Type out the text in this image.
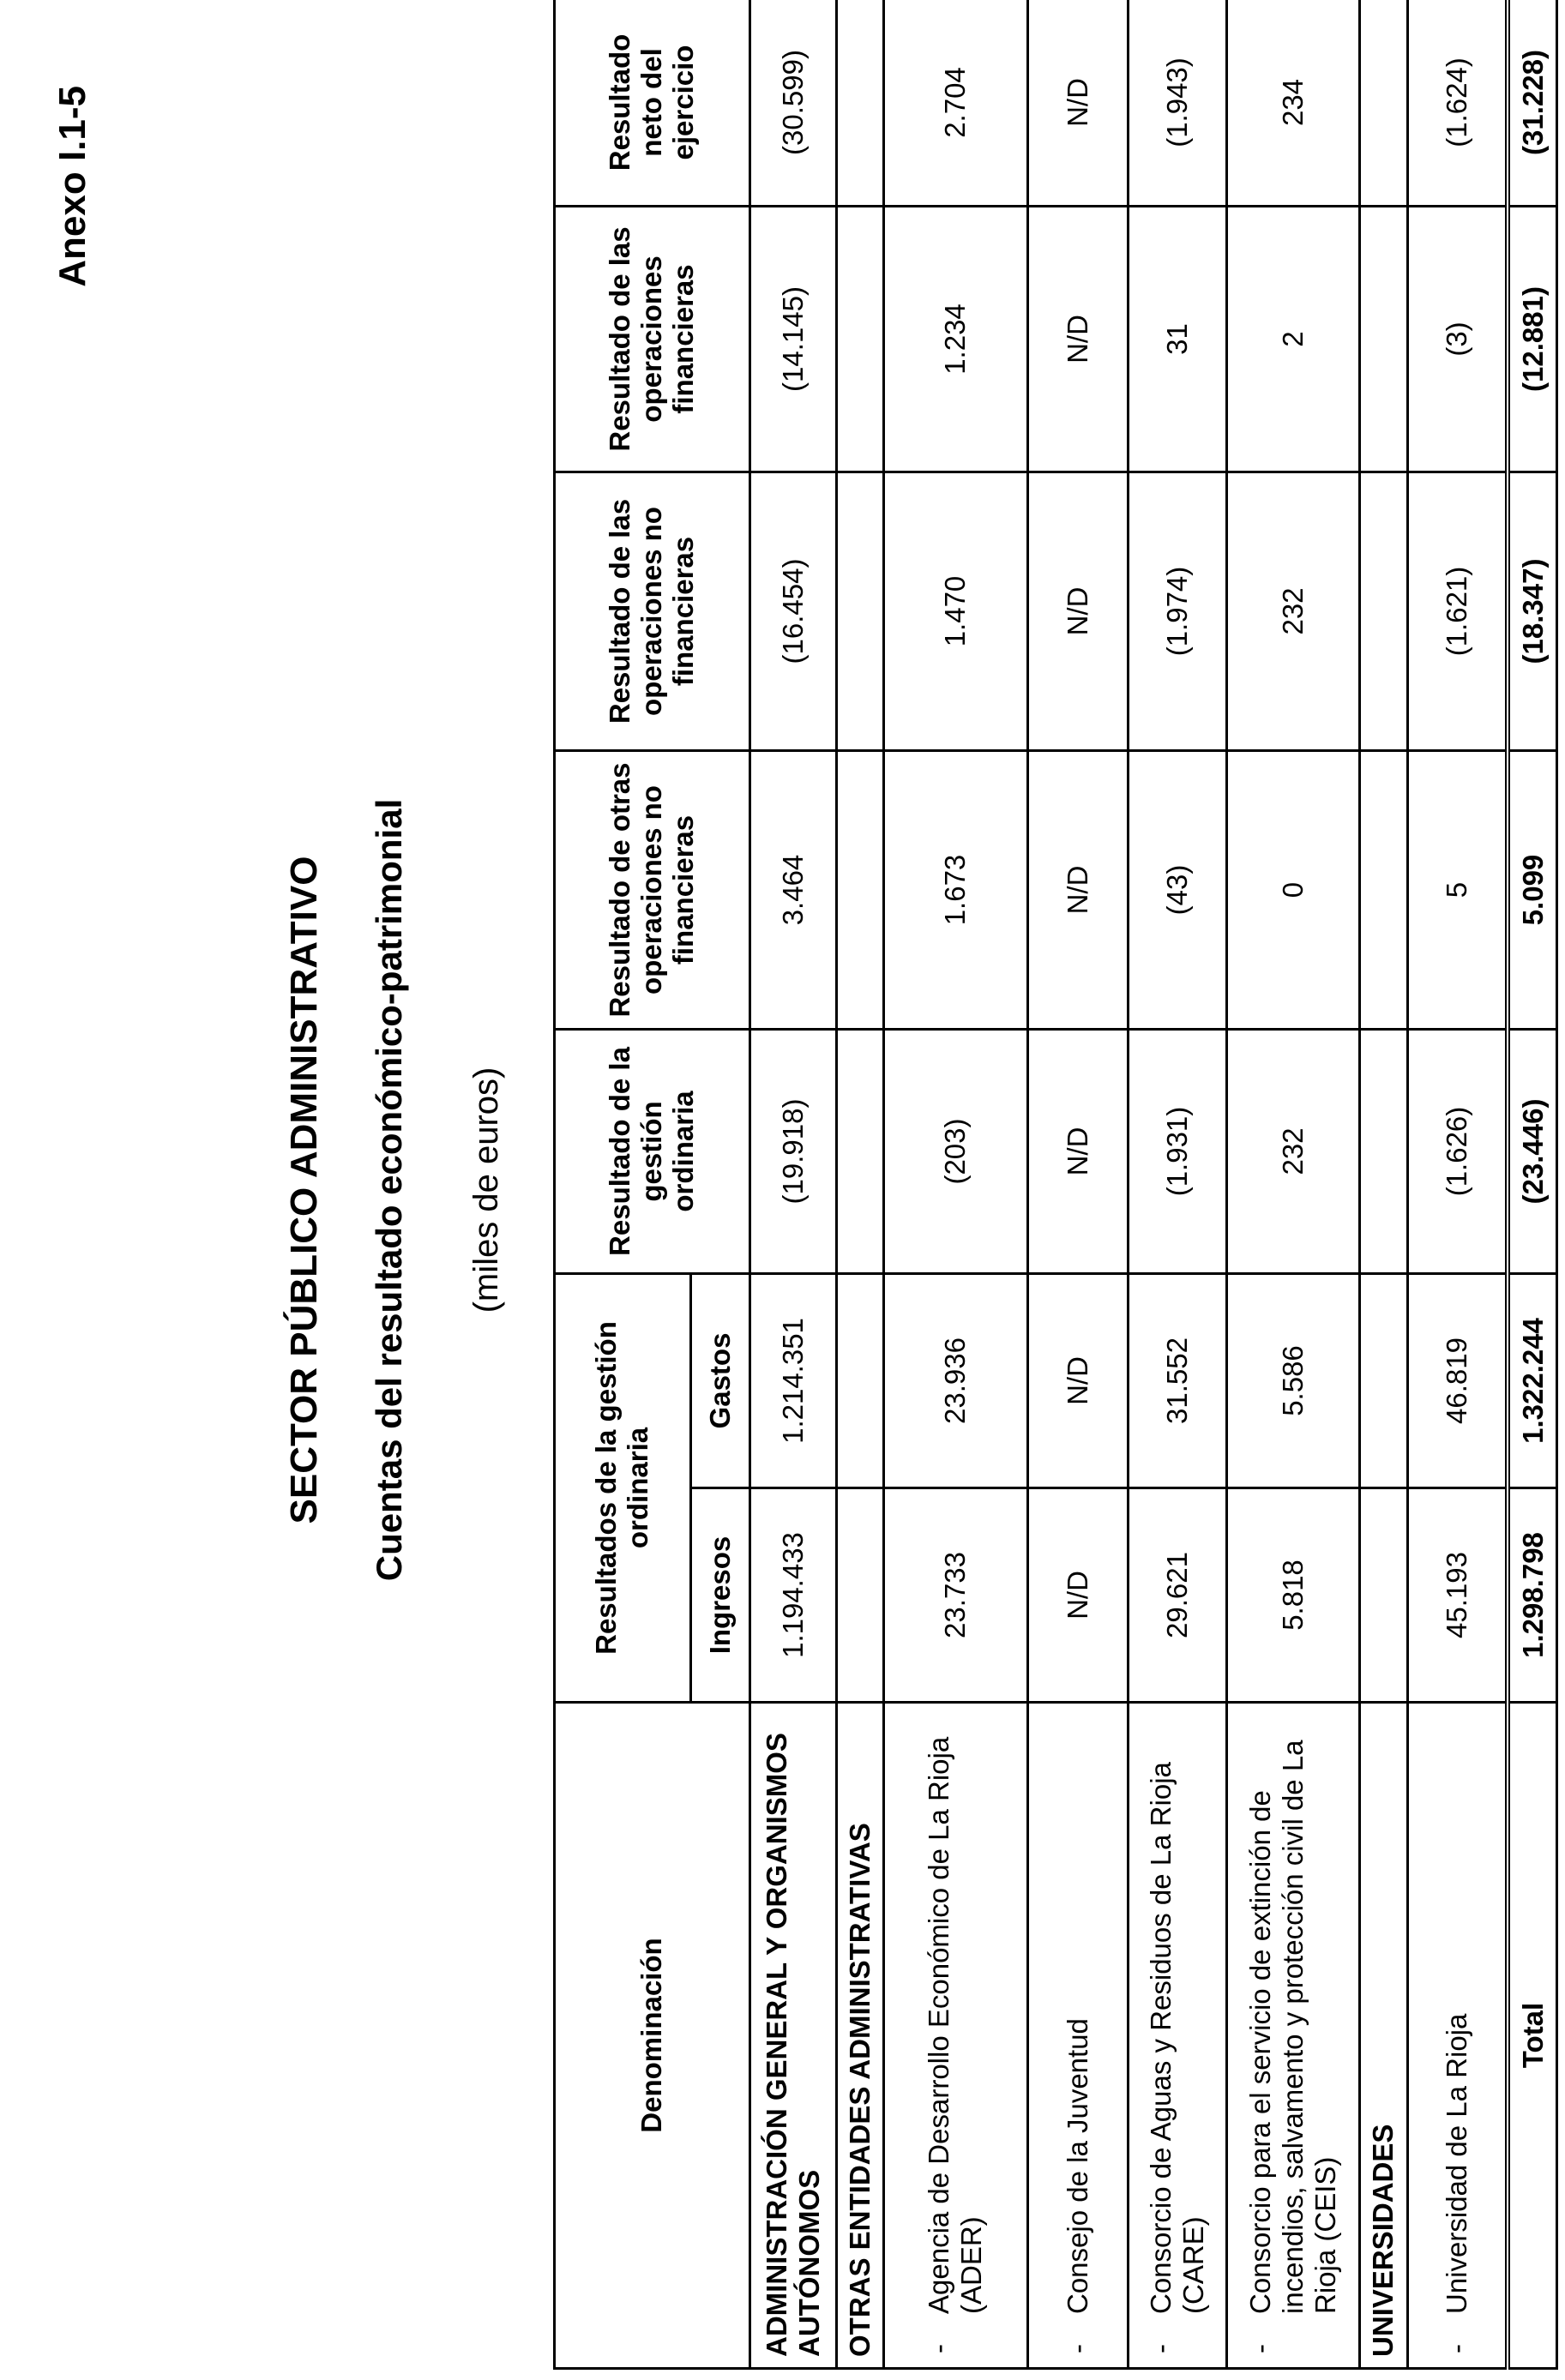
Anexo I.1-5
SECTOR PÚBLICO ADMINISTRATIVO Cuentas del resultado económico-patrimonial (miles de euros)
Denominación	Resultados de la gestión ordinaria		Resultado de la gestión ordinaria	Resultado de otras operaciones no financieras	Resultado de las operaciones no financieras	Resultado de las operaciones financieras	Resultado neto del ejercicio
	Ingresos	Gastos					
ADMINISTRACIÓN GENERAL Y ORGANISMOS AUTÓNOMOS	1.194.433	1.214.351	(19.918)	3.464	(16.454)	(14.145)	(30.599)
OTRAS ENTIDADES ADMINISTRATIVAS							
-Agencia de Desarrollo Económico de La Rioja (ADER)	23.733	23.936	(203)	1.673	1.470	1.234	2.704
-Consejo de la Juventud	N/D	N/D	N/D	N/D	N/D	N/D	N/D
-Consorcio de Aguas y Residuos de La Rioja (CARE)	29.621	31.552	(1.931)	(43)	(1.974)	31	(1.943)
-Consorcio para el servicio de extinción de incendios, salvamento y protección civil de La Rioja (CEIS)	5.818	5.586	232	0	232	2	234
UNIVERSIDADES							
-Universidad de La Rioja	45.193	46.819	(1.626)	5	(1.621)	(3)	(1.624)
Total	1.298.798	1.322.244	(23.446)	5.099	(18.347)	(12.881)	(31.228)
